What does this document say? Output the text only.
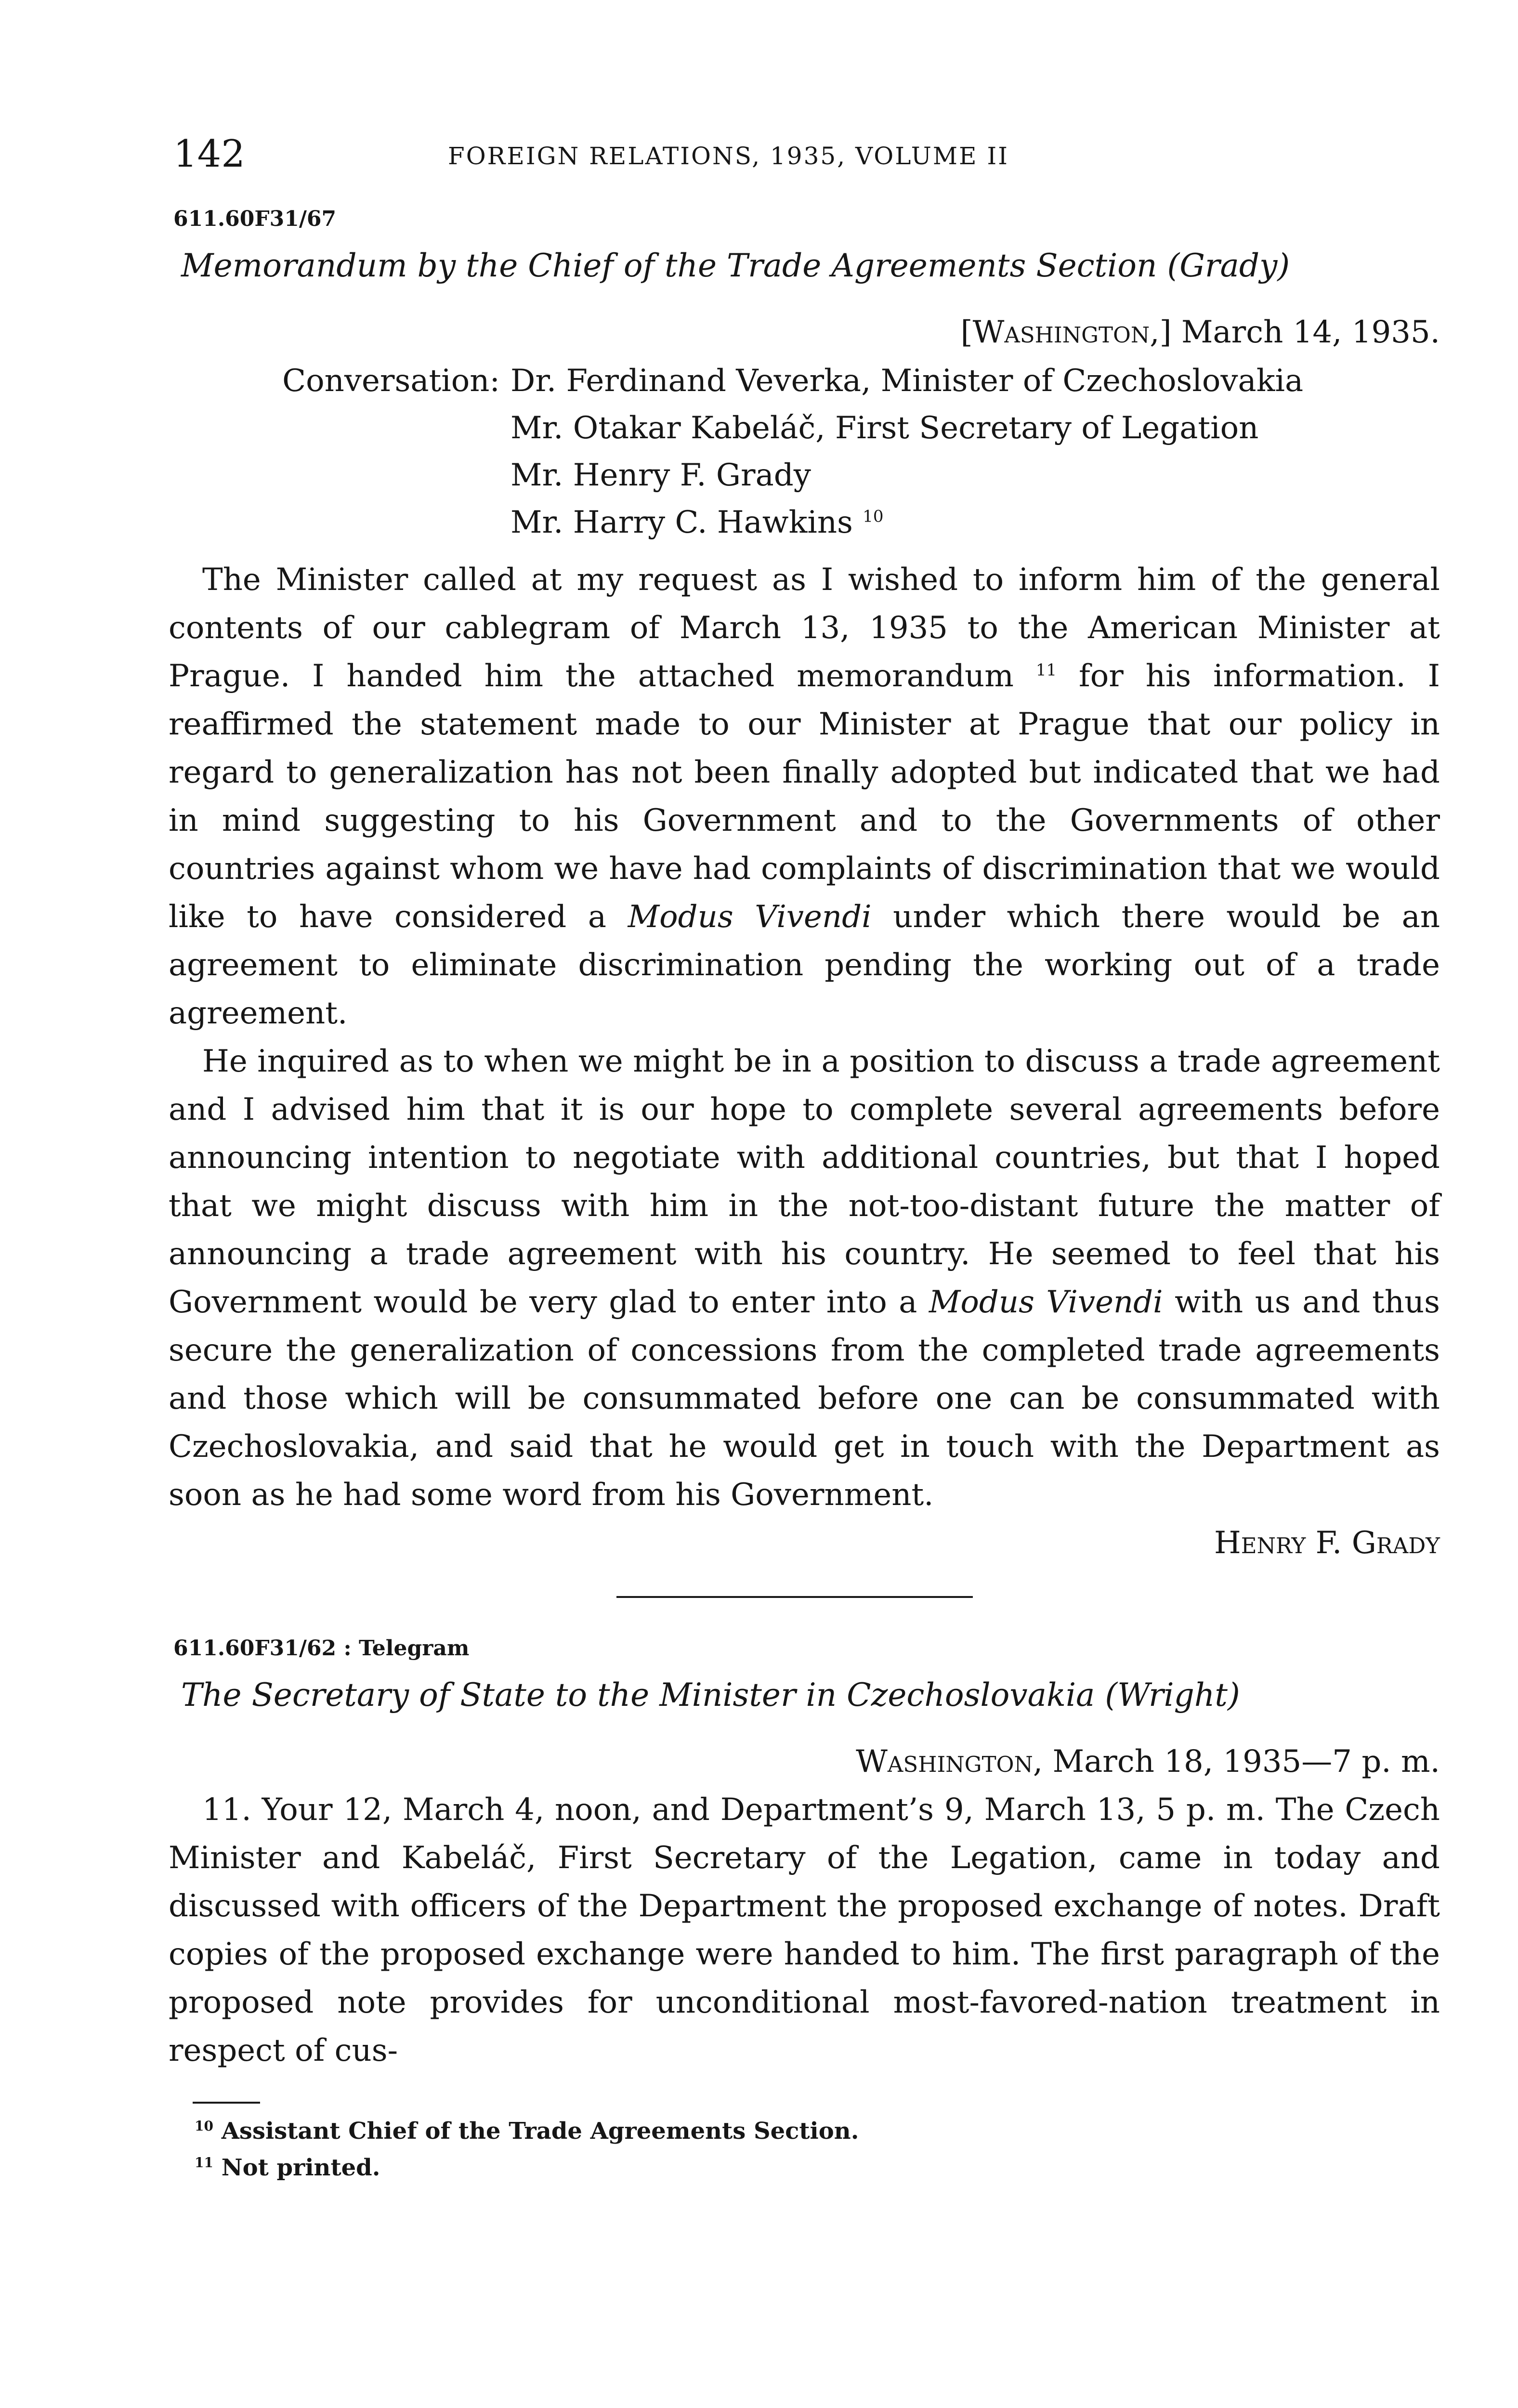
142	FOREIGN RELATIONS, 1935, VOLUME II
611.60F31/67
Memorandum by the Chief of the Trade Agreements Section (Grady)
[Washington,] March 14, 1935.
Conversation: Dr. Ferdinand Veverka, Minister of Czechoslovakia
Mr. Otakar Kabeláč, First Secretary of Legation
Mr. Henry F. Grady
Mr. Harry C. Hawkins $^{10}$

The Minister called at my request as I wished to inform him of the general contents of our cablegram of March 13, 1935 to the American Minister at Prague. I handed him the attached memorandum $^{11}$ for his information. I reaffirmed the statement made to our Minister at Prague that our policy in regard to generalization has not been finally adopted but indicated that we had in mind suggesting to his Government and to the Governments of other countries against whom we have had complaints of discrimination that we would like to have considered a Modus Vivendi under which there would be an agreement to eliminate discrimination pending the working out of a trade agreement.

He inquired as to when we might be in a position to discuss a trade agreement and I advised him that it is our hope to complete several agreements before announcing intention to negotiate with additional countries, but that I hoped that we might discuss with him in the not-too-distant future the matter of announcing a trade agreement with his country. He seemed to feel that his Government would be very glad to enter into a Modus Vivendi with us and thus secure the generalization of concessions from the completed trade agreements and those which will be consummated before one can be consummated with Czechoslovakia, and said that he would get in touch with the Department as soon as he had some word from his Government.

Henry F. Grady
611.60F31/62 : Telegram
The Secretary of State to the Minister in Czechoslovakia (Wright)
Washington, March 18, 1935—7 p. m.

11. Your 12, March 4, noon, and Department’s 9, March 13, 5 p. m. The Czech Minister and Kabeláč, First Secretary of the Legation, came in today and discussed with officers of the Department the proposed exchange of notes. Draft copies of the proposed exchange were handed to him. The first paragraph of the proposed note provides for unconditional most-favored-nation treatment in respect of cus-

$^{10}$ Assistant Chief of the Trade Agreements Section.
$^{11}$ Not printed.
